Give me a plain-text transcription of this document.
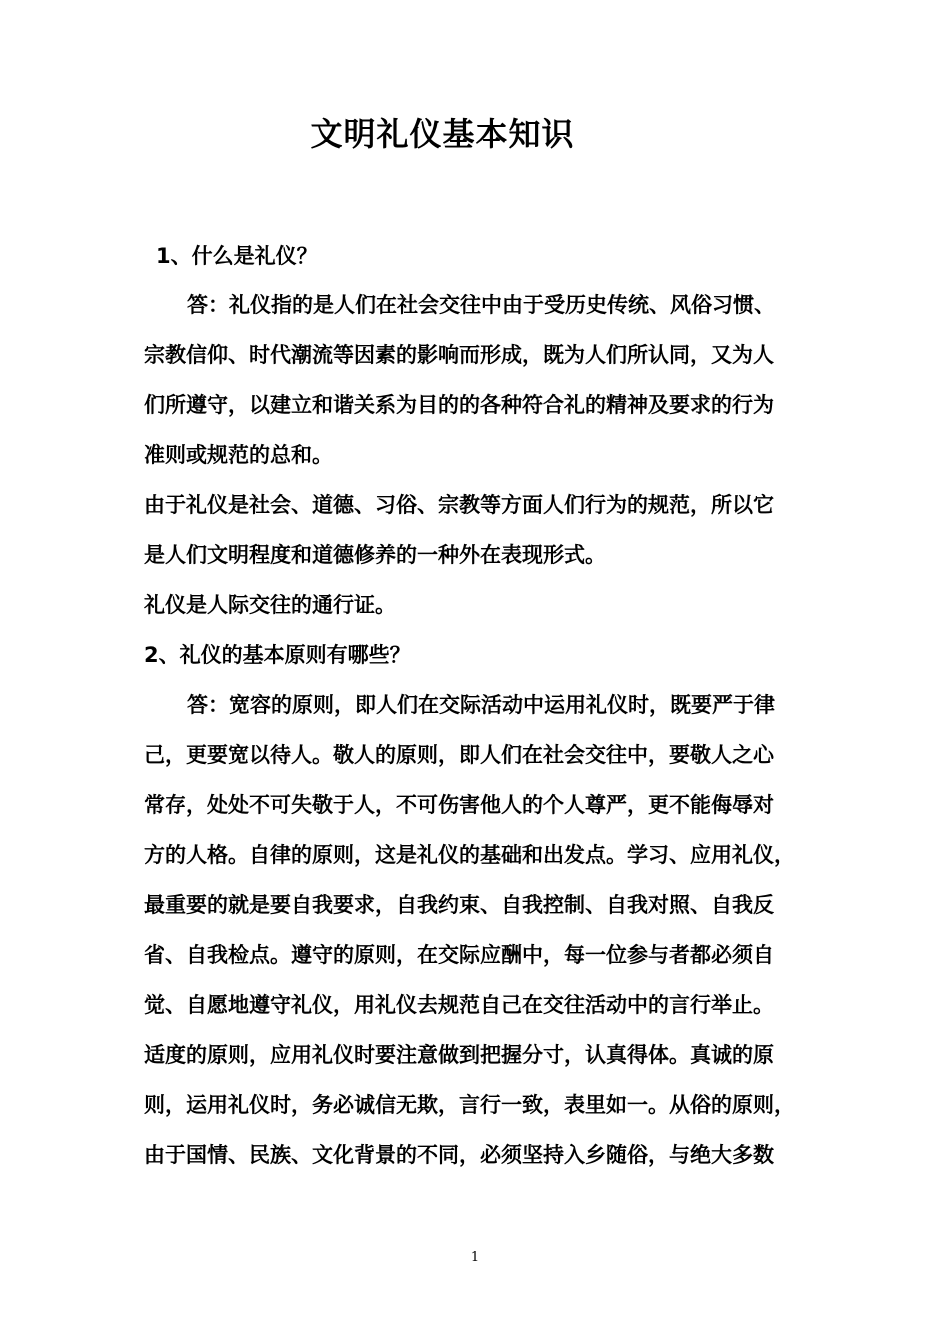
文明礼仪基本知识
1、什么是礼仪？
答：礼仪指的是人们在社会交往中由于受历史传统、风俗习惯、
宗教信仰、时代潮流等因素的影响而形成，既为人们所认同，又为人
们所遵守，以建立和谐关系为目的的各种符合礼的精神及要求的行为
准则或规范的总和。
由于礼仪是社会、道德、习俗、宗教等方面人们行为的规范，所以它
是人们文明程度和道德修养的一种外在表现形式。
礼仪是人际交往的通行证。
2、礼仪的基本原则有哪些？
答：宽容的原则，即人们在交际活动中运用礼仪时，既要严于律
己，更要宽以待人。敬人的原则，即人们在社会交往中，要敬人之心
常存，处处不可失敬于人，不可伤害他人的个人尊严，更不能侮辱对
方的人格。自律的原则，这是礼仪的基础和出发点。学习、应用礼仪，
最重要的就是要自我要求，自我约束、自我控制、自我对照、自我反
省、自我检点。遵守的原则，在交际应酬中，每一位参与者都必须自
觉、自愿地遵守礼仪，用礼仪去规范自己在交往活动中的言行举止。
适度的原则，应用礼仪时要注意做到把握分寸，认真得体。真诚的原
则，运用礼仪时，务必诚信无欺，言行一致，表里如一。从俗的原则，
由于国情、民族、文化背景的不同，必须坚持入乡随俗，与绝大多数
1
